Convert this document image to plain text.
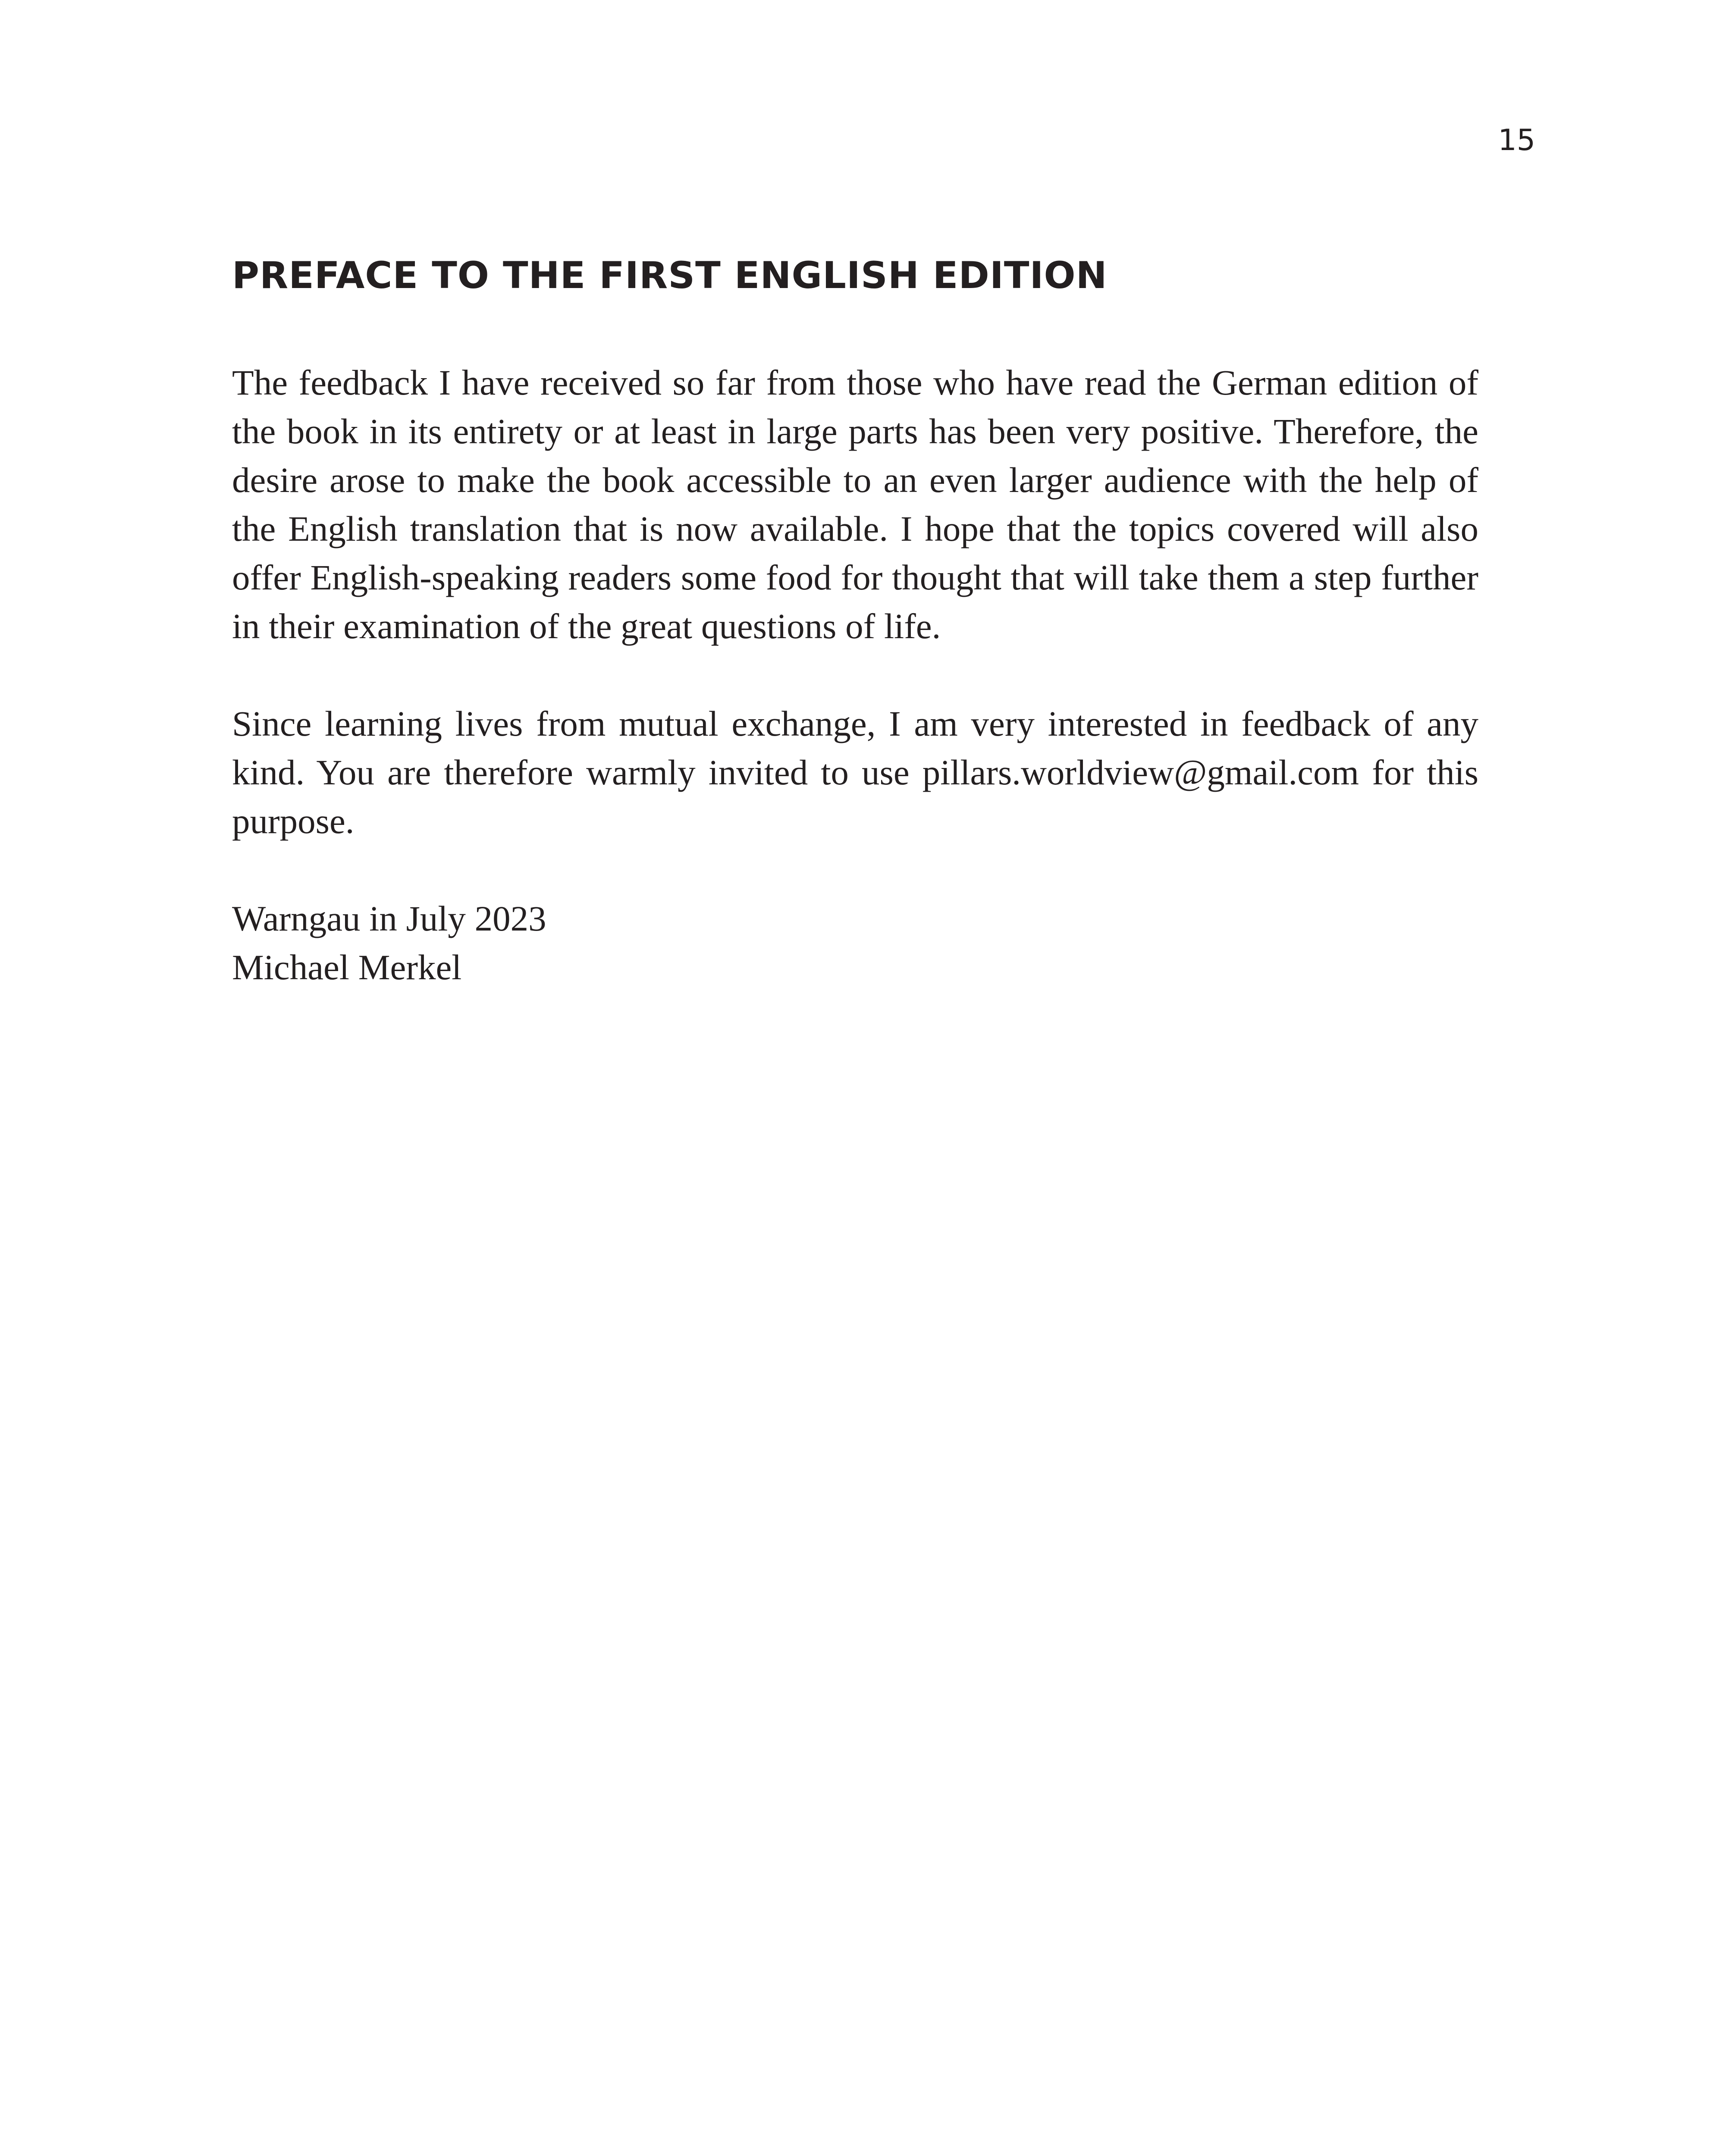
15
PREFACE TO THE FIRST ENGLISH EDITION

The feedback I have received so far from those who have read the German edition of the book in its entirety or at least in large parts has been very positive. Therefore, the desire arose to make the book accessible to an even larger audience with the help of the English translation that is now available. I hope that the topics covered will also offer English-speaking readers some food for thought that will take them a step further in their examination of the great questions of life.

Since learning lives from mutual exchange, I am very interested in feedback of any kind. You are therefore warmly invited to use pillars.worldview@gmail.com for this purpose.

Warngau in July 2023
Michael Merkel
